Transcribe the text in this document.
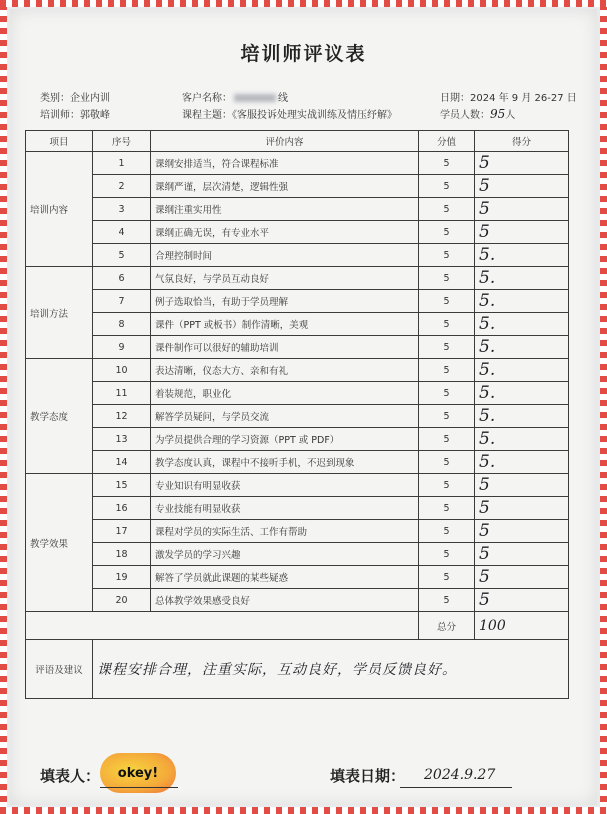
培训师评议表
类别：企业内训
培训师：郭敬峰
客户名称：	线
课程主题：《客服投诉处理实战训练及情压纾解》
日期：2024 年 9 月 26-27 日
学员人数：95人
项目	序号	评价内容	分值	得分
培训内容	1	课纲安排适当，符合课程标准	5	5
	2	课纲严谨，层次清楚，逻辑性强	5	5
	3	课纲注重实用性	5	5
	4	课纲正确无误，有专业水平	5	5
	5	合理控制时间	5	5.
培训方法	6	气氛良好，与学员互动良好	5	5.
	7	例子选取恰当，有助于学员理解	5	5.
	8	课件（PPT 或板书）制作清晰，美观	5	5.
	9	课件制作可以很好的辅助培训	5	5.
教学态度	10	表达清晰，仪态大方、亲和有礼	5	5.
	11	着装规范，职业化	5	5.
	12	解答学员疑问，与学员交流	5	5.
	13	为学员提供合理的学习资源（PPT 或 PDF）	5	5.
	14	教学态度认真，课程中不接听手机，不迟到现象	5	5.
教学效果	15	专业知识有明显收获	5	5
	16	专业技能有明显收获	5	5
	17	课程对学员的实际生活、工作有帮助	5	5
	18	激发学员的学习兴趣	5	5
	19	解答了学员就此课题的某些疑惑	5	5
	20	总体教学效果感受良好	5	5
			总分	100
评语及建议	课程安排合理，注重实际，互动良好，学员反馈良好。			
填表人：	okey!	填表日期： 2024.9.27
